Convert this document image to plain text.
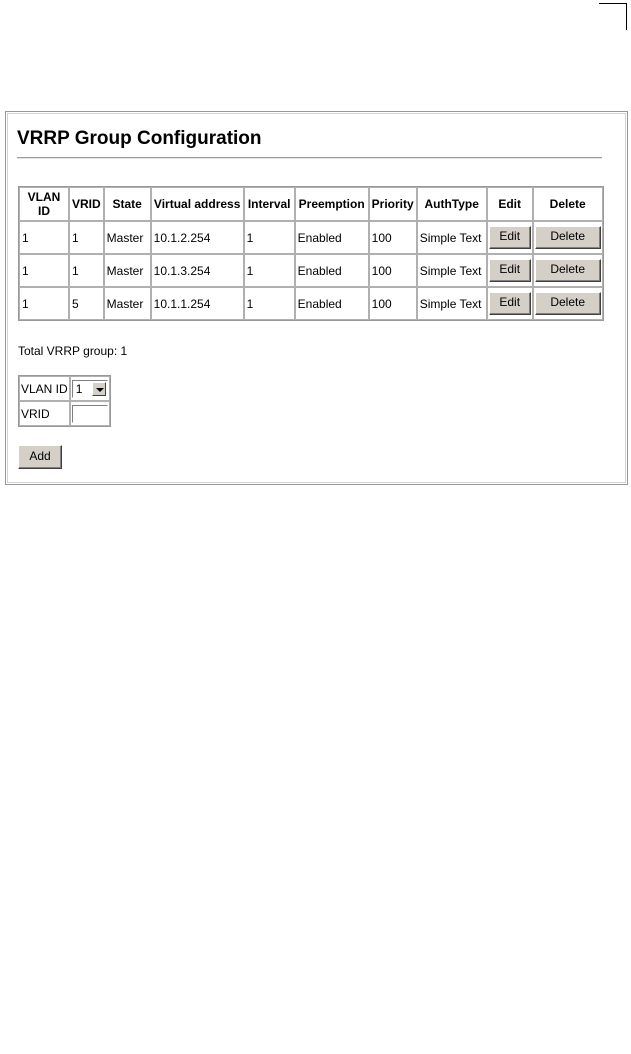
VRRP Group Configuration
VLAN ID	VRID	State	Virtual address	Interval	Preemption	Priority	AuthType	Edit	Delete
1	1	Master	10.1.2.254	1	Enabled	100	Simple Text	Edit	Delete
1	1	Master	10.1.3.254	1	Enabled	100	Simple Text	Edit	Delete
1	5	Master	10.1.1.254	1	Enabled	100	Simple Text	Edit	Delete

Total VRRP group: 1

VLAN ID	1

VRID	
Add
